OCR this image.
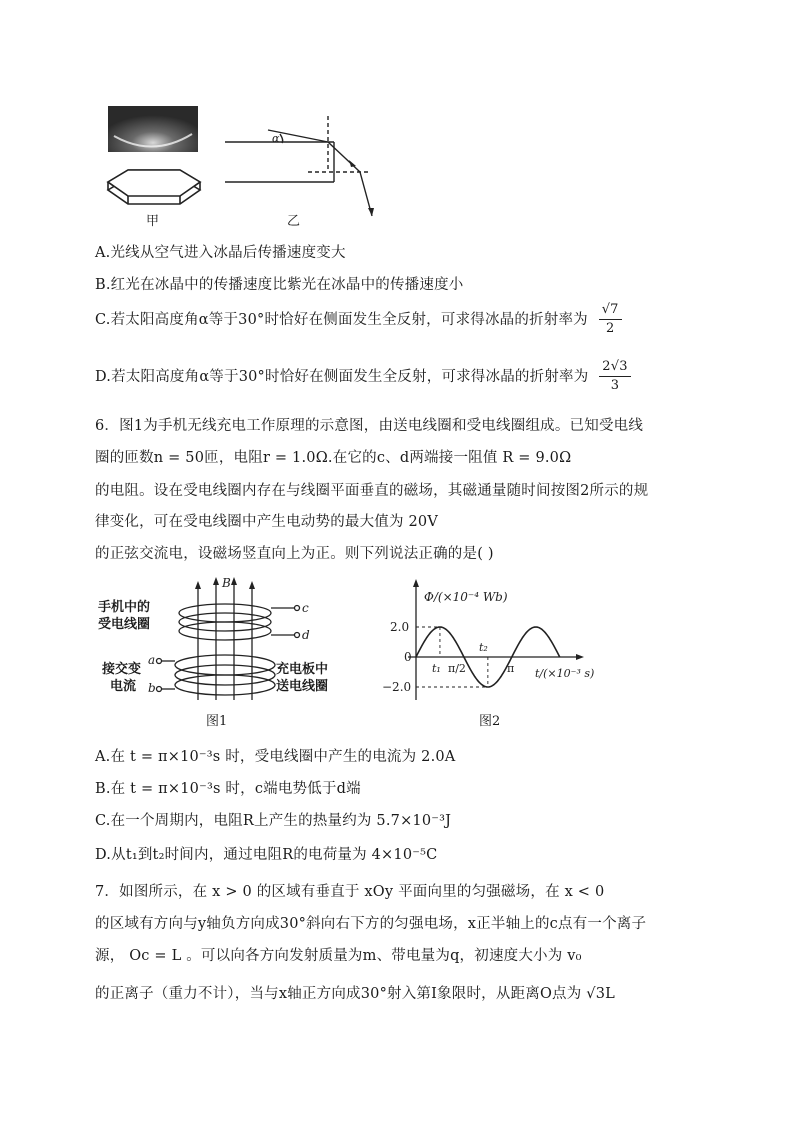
α
甲	乙
A.光线从空气进入冰晶后传播速度变大
B.红光在冰晶中的传播速度比紫光在冰晶中的传播速度小
C.若太阳高度角α等于30°时恰好在侧面发生全反射，可求得冰晶的折射率为 $\frac{√7}{2}$
D.若太阳高度角α等于30°时恰好在侧面发生全反射，可求得冰晶的折射率为 $\frac{2√3}{3}$
6．图1为手机无线充电工作原理的示意图，由送电线圈和受电线圈组成。已知受电线
圈的匝数n = 50匝，电阻r = 1.0Ω.在它的c、d两端接一阻值 R = 9.0Ω
的电阻。设在受电线圈内存在与线圈平面垂直的磁场，其磁通量随时间按图2所示的规
律变化，可在受电线圈中产生电动势的最大值为 20V
的正弦交流电，设磁场竖直向上为正。则下列说法正确的是( )
B
c
d
a
b
手机中的
受电线圈
接交变
电流
充电板中
送电线圈
图1
Φ/(×10⁻⁴ Wb)
t/(×10⁻³ s)
2.0
0
−2.0
t₁ π/2
t₂
π
图2
A.在 t = π×10⁻³s 时，受电线圈中产生的电流为 2.0A
B.在 t = π×10⁻³s 时，c端电势低于d端
C.在一个周期内，电阻R上产生的热量约为 5.7×10⁻³J
D.从t₁到t₂时间内，通过电阻R的电荷量为 4×10⁻⁵C
7．如图所示，在 x > 0 的区域有垂直于 xOy 平面向里的匀强磁场，在 x < 0
的区域有方向与y轴负方向成30°斜向右下方的匀强电场，x正半轴上的c点有一个离子
源， Oc = L 。可以向各方向发射质量为m、带电量为q，初速度大小为 v₀
的正离子（重力不计），当与x轴正方向成30°射入第Ⅰ象限时，从距离O点为 √3L
